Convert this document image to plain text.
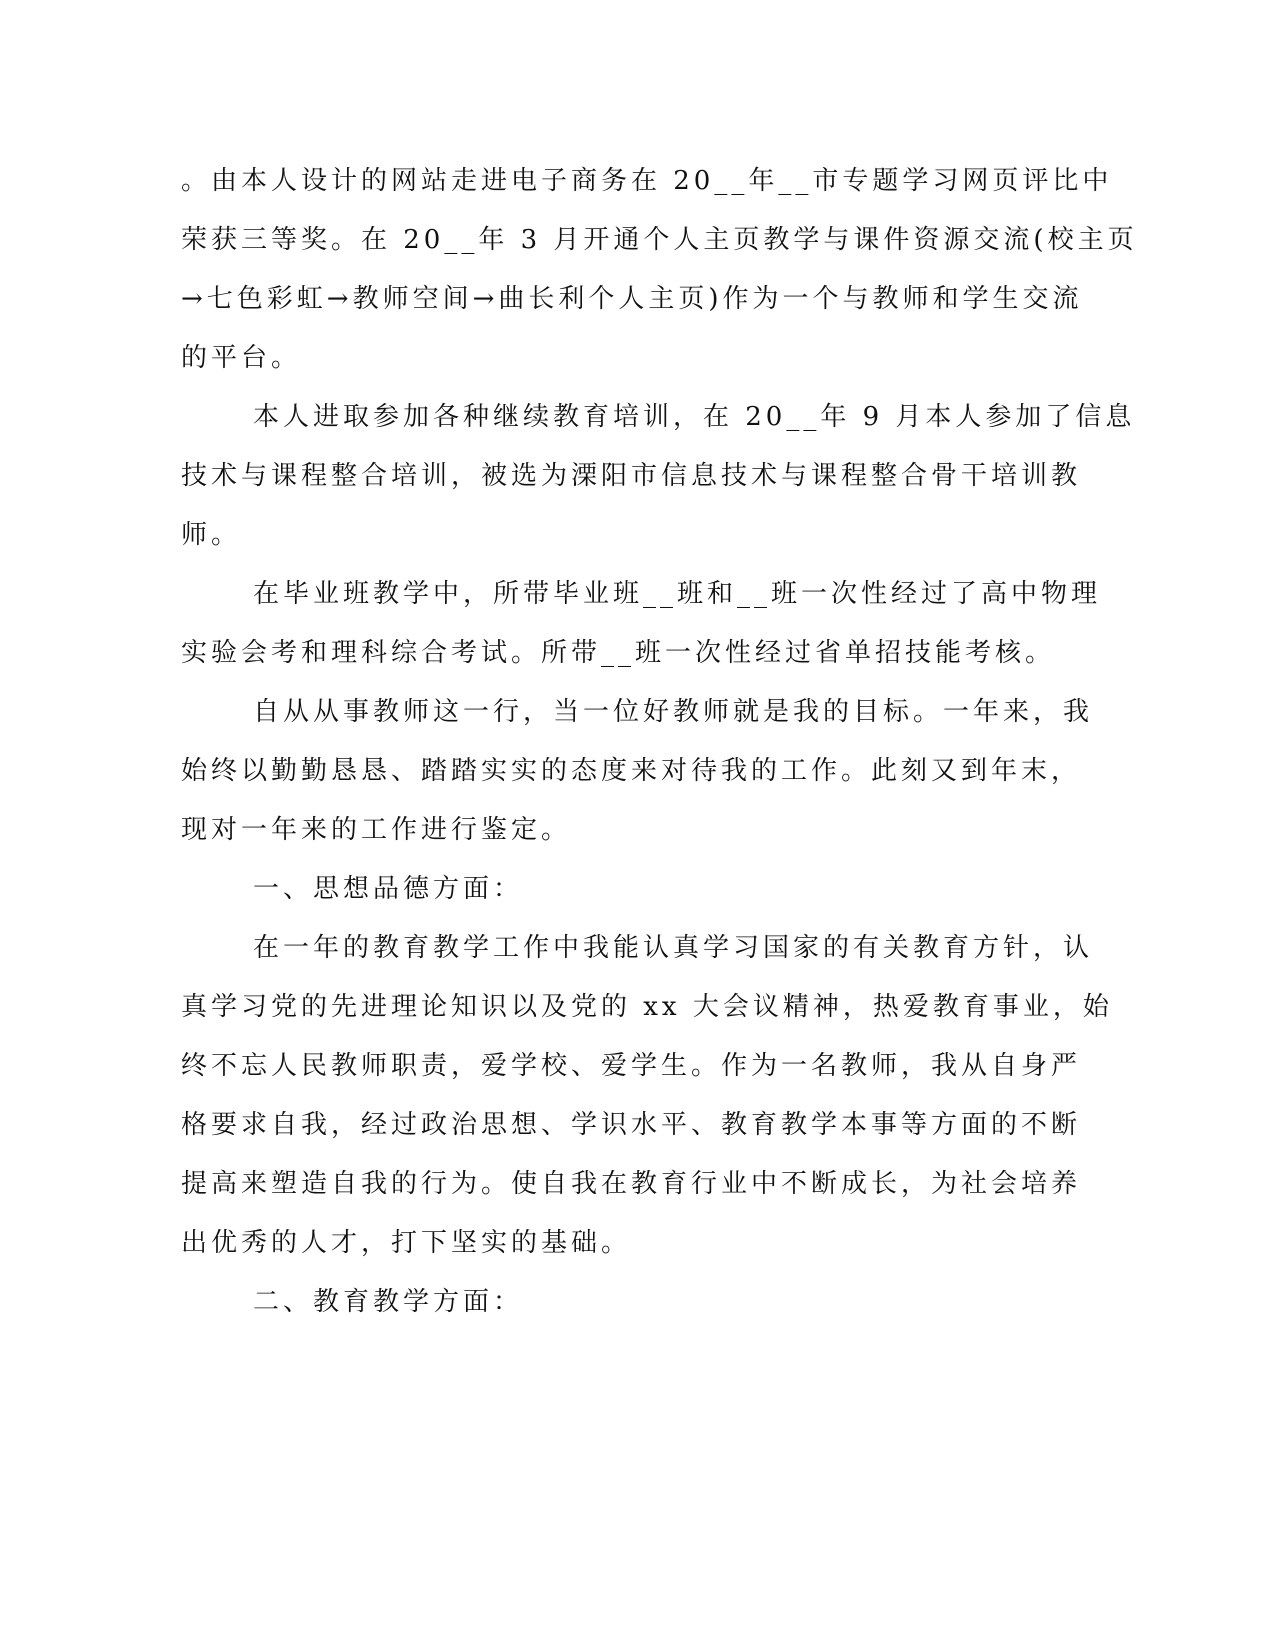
。由本人设计的网站走进电子商务在 20__年__市专题学习网页评比中
荣获三等奖。在 20__年 3 月开通个人主页教学与课件资源交流(校主页
→七色彩虹→教师空间→曲长利个人主页)作为一个与教师和学生交流
的平台。
本人进取参加各种继续教育培训，在 20__年 9 月本人参加了信息
技术与课程整合培训，被选为溧阳市信息技术与课程整合骨干培训教
师。
在毕业班教学中，所带毕业班__班和__班一次性经过了高中物理
实验会考和理科综合考试。所带__班一次性经过省单招技能考核。
自从从事教师这一行，当一位好教师就是我的目标。一年来，我
始终以勤勤恳恳、踏踏实实的态度来对待我的工作。此刻又到年末，
现对一年来的工作进行鉴定。
一、思想品德方面：
在一年的教育教学工作中我能认真学习国家的有关教育方针，认
真学习党的先进理论知识以及党的 xx 大会议精神，热爱教育事业，始
终不忘人民教师职责，爱学校、爱学生。作为一名教师，我从自身严
格要求自我，经过政治思想、学识水平、教育教学本事等方面的不断
提高来塑造自我的行为。使自我在教育行业中不断成长，为社会培养
出优秀的人才，打下坚实的基础。
二、教育教学方面：
